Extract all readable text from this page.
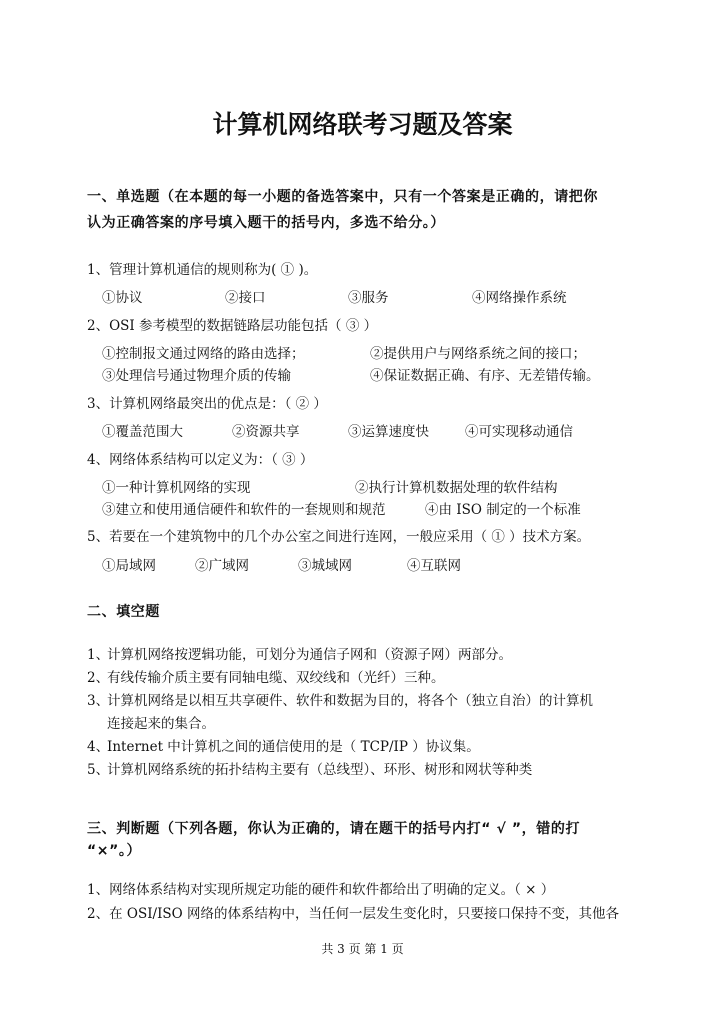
计算机网络联考习题及答案
一、单选题（在本题的每一小题的备选答案中，只有一个答案是正确的，请把你
认为正确答案的序号填入题干的括号内，多选不给分。）
1、管理计算机通信的规则称为( ① )。
①协议	②接口	③服务	④网络操作系统
2、OSI 参考模型的数据链路层功能包括（ ③ ）
①控制报文通过网络的路由选择；	②提供用户与网络系统之间的接口；
③处理信号通过物理介质的传输	④保证数据正确、有序、无差错传输。
3、计算机网络最突出的优点是：（ ② ）
①覆盖范围大	②资源共享	③运算速度快	④可实现移动通信
4、网络体系结构可以定义为：（ ③ ）
①一种计算机网络的实现	②执行计算机数据处理的软件结构
③建立和使用通信硬件和软件的一套规则和规范	④由 ISO 制定的一个标准
5、若要在一个建筑物中的几个办公室之间进行连网，一般应采用（ ① ）技术方案。
①局域网	②广域网	③城域网	④互联网
二、填空题
1、
计算机网络按逻辑功能，可划分为通信子网和（资源子网）两部分。
2、
有线传输介质主要有同轴电缆、双绞线和（光纤）三种。
3、
计算机网络是以相互共享硬件、软件和数据为目的，将各个（独立自治）的计算机
连接起来的集合。
4、
Internet 中计算机之间的通信使用的是（ TCP/IP ）协议集。
5、
计算机网络系统的拓扑结构主要有（总线型）、环形、树形和网状等种类
三、判断题（下列各题，你认为正确的，请在题干的括号内打“ √ ”，错的打
“×”。）
1、网络体系结构对实现所规定功能的硬件和软件都给出了明确的定义。（ × ）
2、在 OSI/ISO 网络的体系结构中，当任何一层发生变化时，只要接口保持不变，其他各
共 3 页 第 1 页
